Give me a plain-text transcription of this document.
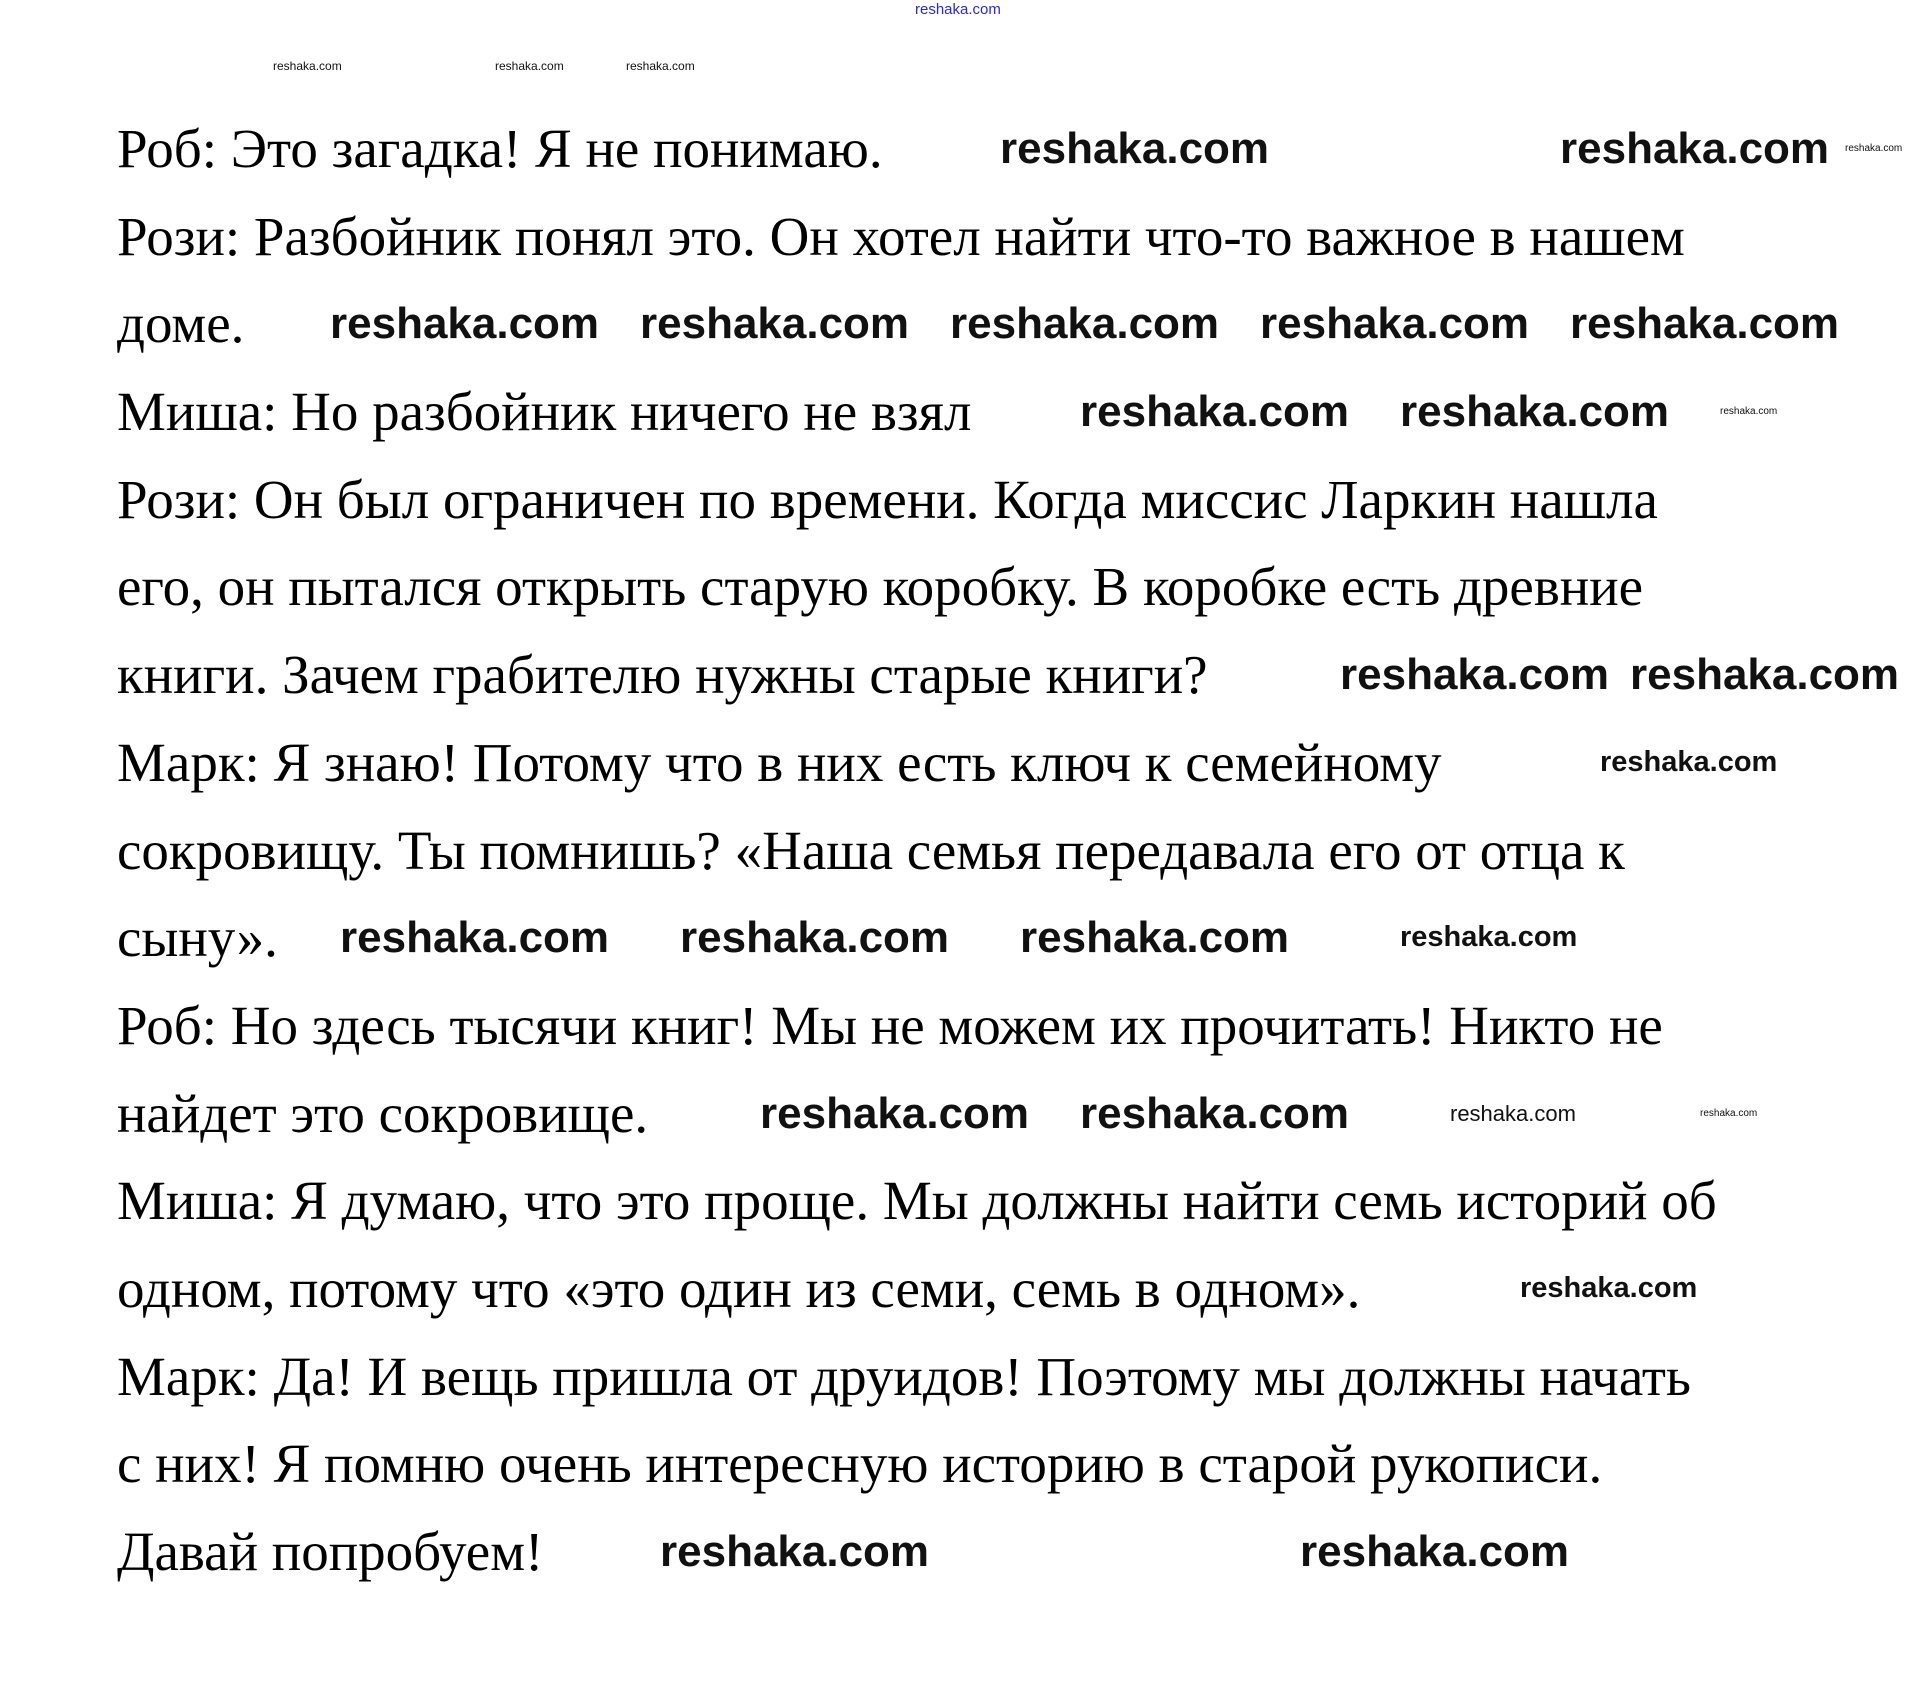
Роб: Это загадка! Я не понимаю.
Рози: Разбойник понял это. Он хотел найти что-то важное в нашем
доме.
Миша: Но разбойник ничего не взял
Рози: Он был ограничен по времени. Когда миссис Ларкин нашла
его, он пытался открыть старую коробку. В коробке есть древние
книги. Зачем грабителю нужны старые книги?
Марк: Я знаю! Потому что в них есть ключ к семейному
сокровищу. Ты помнишь? «Наша семья передавала его от отца к
сыну».
Роб: Но здесь тысячи книг! Мы не можем их прочитать! Никто не
найдет это сокровище.
Миша: Я думаю, что это проще. Мы должны найти семь историй об
одном, потому что «это один из семи, семь в одном».
Марк: Да! И вещь пришла от друидов! Поэтому мы должны начать
с них! Я помню очень интересную историю в старой рукописи.
Давай попробуем!
reshaka.com
reshaka.com	reshaka.com	reshaka.com
reshaka.com	reshaka.com reshaka.com
reshaka.com reshaka.com reshaka.com reshaka.com reshaka.com
reshaka.com reshaka.com	reshaka.com
reshaka.com reshaka.com
reshaka.com
reshaka.com reshaka.com reshaka.com	reshaka.com
reshaka.com reshaka.com	reshaka.com	reshaka.com
reshaka.com
reshaka.com	reshaka.com
